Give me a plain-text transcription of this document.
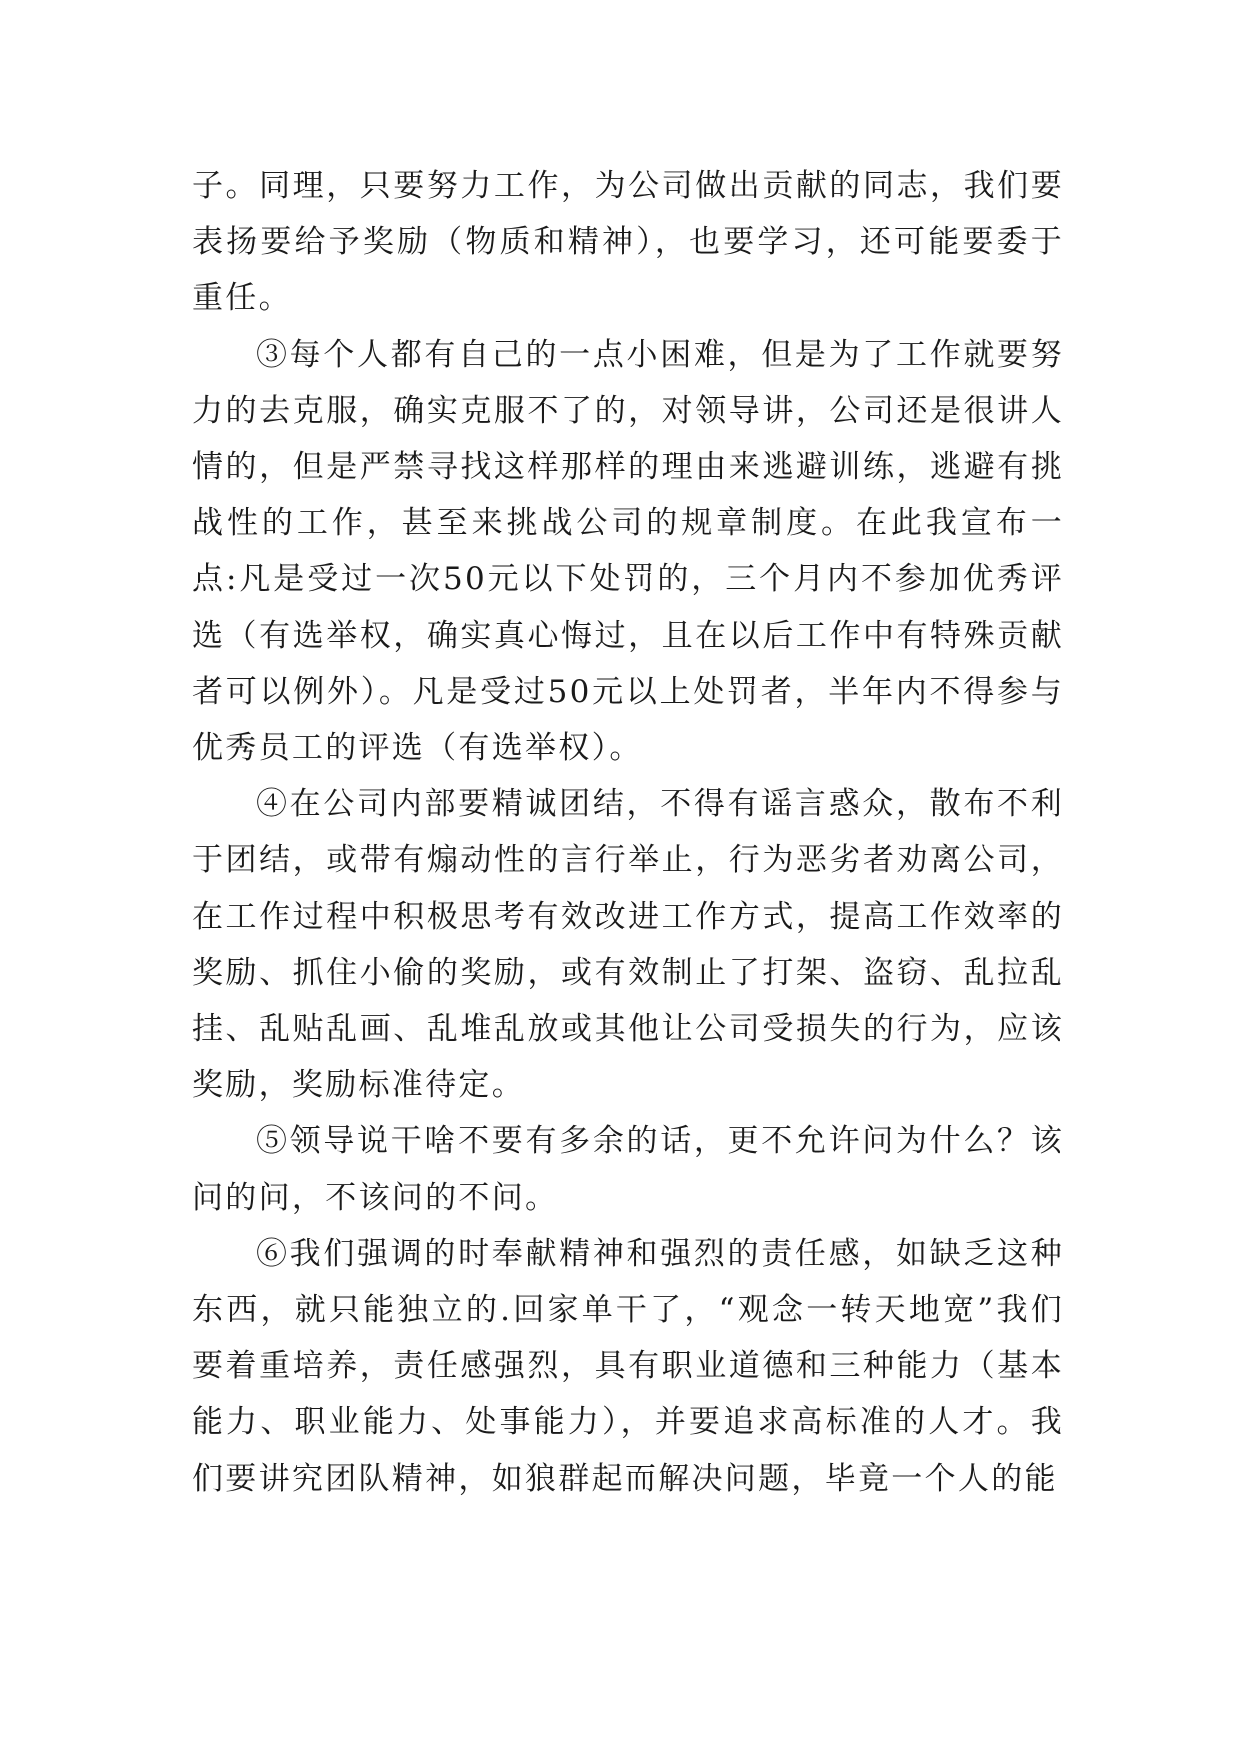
子。同理，只要努力工作，为公司做出贡献的同志，我们要表扬要给予奖励（物质和精神），也要学习，还可能要委于重任。

③每个人都有自己的一点小困难，但是为了工作就要努力的去克服，确实克服不了的，对领导讲，公司还是很讲人情的，但是严禁寻找这样那样的理由来逃避训练，逃避有挑战性的工作，甚至来挑战公司的规章制度。在此我宣布一点:凡是受过一次50元以下处罚的，三个月内不参加优秀评选（有选举权，确实真心悔过，且在以后工作中有特殊贡献者可以例外）。凡是受过50元以上处罚者，半年内不得参与优秀员工的评选（有选举权）。

④在公司内部要精诚团结，不得有谣言惑众，散布不利于团结，或带有煽动性的言行举止，行为恶劣者劝离公司，在工作过程中积极思考有效改进工作方式，提高工作效率的奖励、抓住小偷的奖励，或有效制止了打架、盗窃、乱拉乱挂、乱贴乱画、乱堆乱放或其他让公司受损失的行为，应该奖励，奖励标准待定。

⑤领导说干啥不要有多余的话，更不允许问为什么？该问的问，不该问的不问。

⑥我们强调的时奉献精神和强烈的责任感，如缺乏这种东西，就只能独立的.回家单干了，“观念一转天地宽”我们要着重培养，责任感强烈，具有职业道德和三种能力（基本能力、职业能力、处事能力），并要追求高标准的人才。我们要讲究团队精神，如狼群起而解决问题，毕竟一个人的能
